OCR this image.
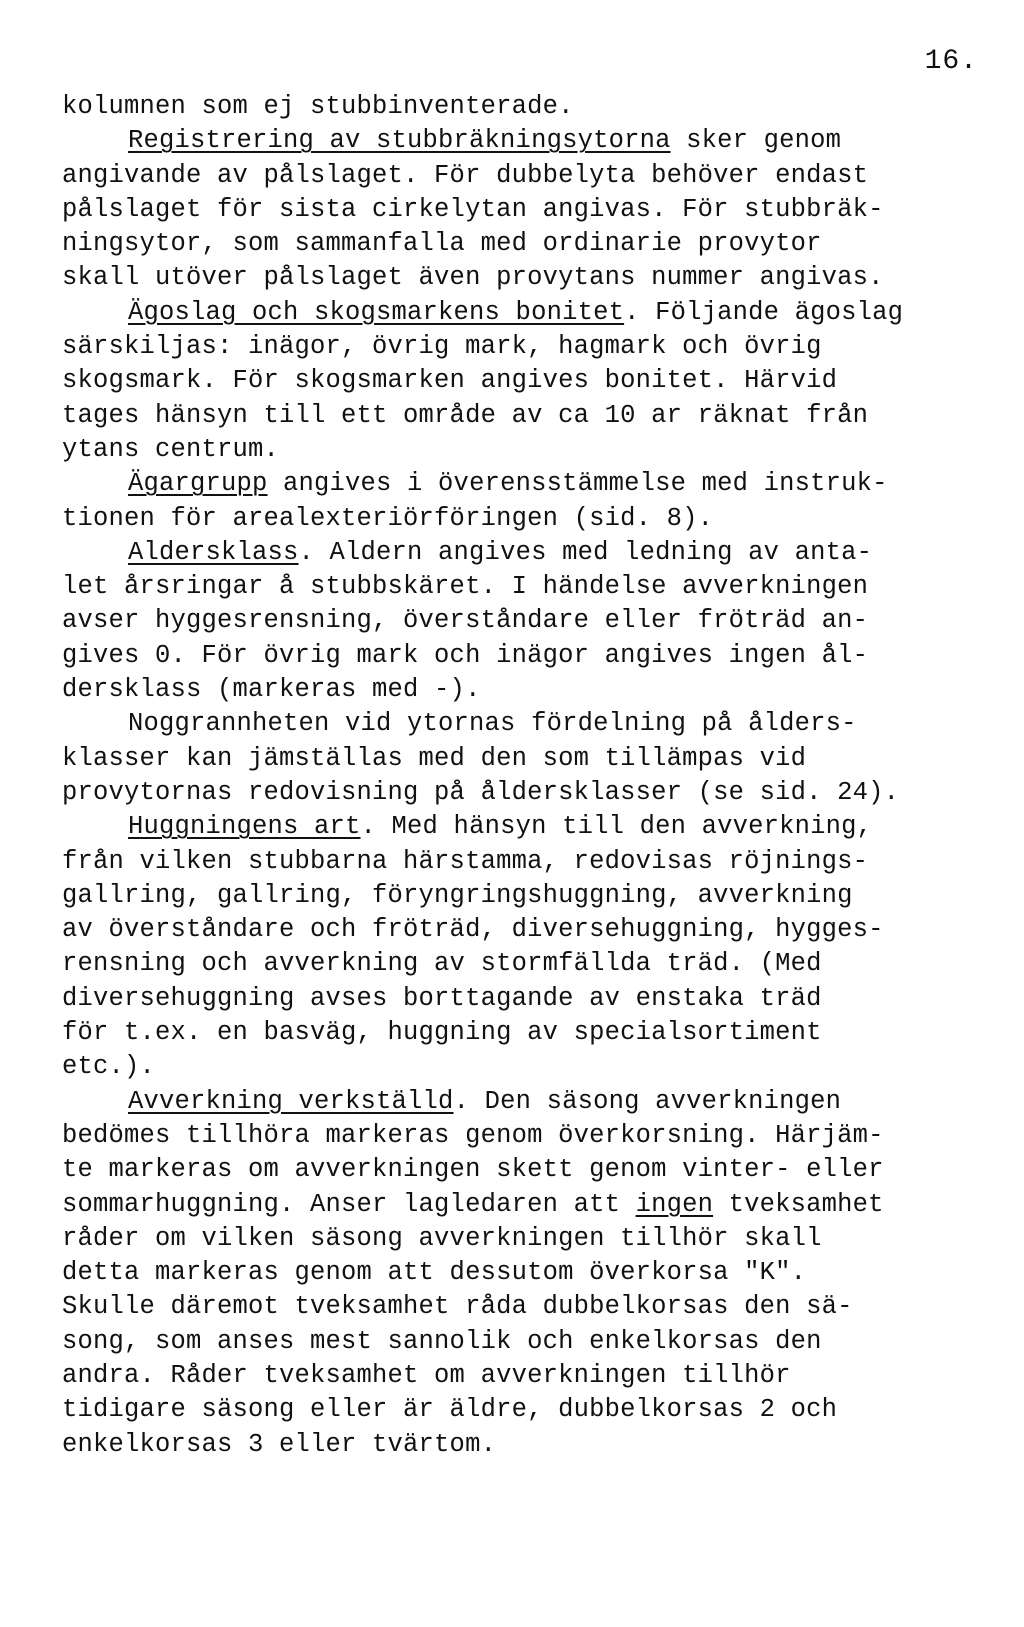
16.
kolumnen som ej stubbinventerade.
Registrering av stubbräkningsytorna sker genom
angivande av pålslaget. För dubbelyta behöver endast
pålslaget för sista cirkelytan angivas. För stubbräk-
ningsytor, som sammanfalla med ordinarie provytor
skall utöver pålslaget även provytans nummer angivas.
Ägoslag och skogsmarkens bonitet. Följande ägoslag
särskiljas: inägor, övrig mark, hagmark och övrig
skogsmark. För skogsmarken angives bonitet. Härvid
tages hänsyn till ett område av ca 10 ar räknat från
ytans centrum.
Ägargrupp angives i överensstämmelse med instruk-
tionen för arealexteriörföringen (sid. 8).
Aldersklass. Aldern angives med ledning av anta-
let årsringar å stubbskäret. I händelse avverkningen
avser hyggesrensning, överståndare eller fröträd an-
gives 0. För övrig mark och inägor angives ingen ål-
dersklass (markeras med -).
Noggrannheten vid ytornas fördelning på ålders-
klasser kan jämställas med den som tillämpas vid
provytornas redovisning på åldersklasser (se sid. 24).
Huggningens art. Med hänsyn till den avverkning,
från vilken stubbarna härstamma, redovisas röjnings-
gallring, gallring, föryngringshuggning, avverkning
av överståndare och fröträd, diversehuggning, hygges-
rensning och avverkning av stormfällda träd. (Med
diversehuggning avses borttagande av enstaka träd
för t.ex. en basväg, huggning av specialsortiment
etc.).
Avverkning verkställd. Den säsong avverkningen
bedömes tillhöra markeras genom överkorsning. Härjäm-
te markeras om avverkningen skett genom vinter- eller
sommarhuggning. Anser lagledaren att ingen tveksamhet
råder om vilken säsong avverkningen tillhör skall
detta markeras genom att dessutom överkorsa "K".
Skulle däremot tveksamhet råda dubbelkorsas den sä-
song, som anses mest sannolik och enkelkorsas den
andra. Råder tveksamhet om avverkningen tillhör
tidigare säsong eller är äldre, dubbelkorsas 2 och
enkelkorsas 3 eller tvärtom.
